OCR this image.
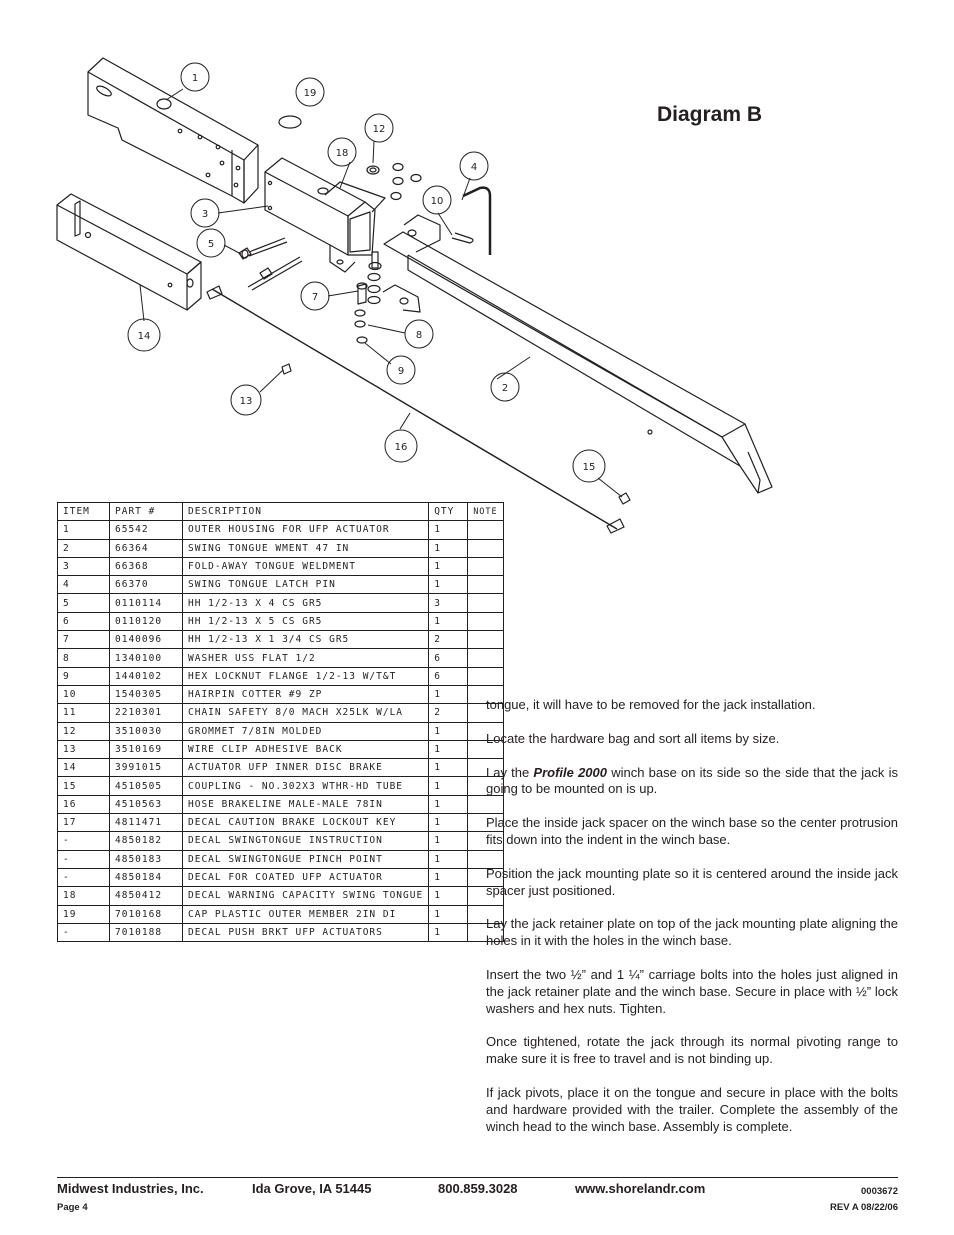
1
19
12
18
4
10
3
5
7
8
9
2
14
13
16
15
Diagram B
ITEM	PART #	DESCRIPTION	QTY	NOTE
1	65542	OUTER HOUSING FOR UFP ACTUATOR	1	
2	66364	SWING TONGUE WMENT 47 IN	1	
3	66368	FOLD-AWAY TONGUE WELDMENT	1	
4	66370	SWING TONGUE LATCH PIN	1	
5	0110114	HH 1/2-13 X 4 CS GR5	3	
6	0110120	HH 1/2-13 X 5 CS GR5	1	
7	0140096	HH 1/2-13 X 1 3/4 CS GR5	2	
8	1340100	WASHER USS FLAT 1/2	6	
9	1440102	HEX LOCKNUT FLANGE 1/2-13 W/T&T	6	
10	1540305	HAIRPIN COTTER #9 ZP	1	
11	2210301	CHAIN SAFETY 8/0 MACH X25LK W/LA	2	
12	3510030	GROMMET 7/8IN MOLDED	1	
13	3510169	WIRE CLIP ADHESIVE BACK	1	
14	3991015	ACTUATOR UFP INNER DISC BRAKE	1	
15	4510505	COUPLING - NO.302X3 WTHR-HD TUBE	1	
16	4510563	HOSE BRAKELINE MALE-MALE 78IN	1	
17	4811471	DECAL CAUTION BRAKE LOCKOUT KEY	1	
-	4850182	DECAL SWINGTONGUE INSTRUCTION	1	
-	4850183	DECAL SWINGTONGUE PINCH POINT	1	
-	4850184	DECAL FOR COATED UFP ACTUATOR	1	
18	4850412	DECAL WARNING CAPACITY SWING TONGUE	1	
19	7010168	CAP PLASTIC OUTER MEMBER 2IN DI	1	
-	7010188	DECAL PUSH BRKT UFP ACTUATORS	1	

tongue, it will have to be removed for the jack installation.

Locate the hardware bag and sort all items by size.

Lay the Profile 2000 winch base on its side so the side that the jack is going to be mounted on is up.

Place the inside jack spacer on the winch base so the center protrusion fits down into the indent in the winch base.

Position the jack mounting plate so it is centered around the inside jack spacer just positioned.

Lay the jack retainer plate on top of the jack mounting plate aligning the holes in it with the holes in the winch base.

Insert the two ½” and 1 ¼” carriage bolts into the holes just aligned in the jack retainer plate and the winch base. Secure in place with ½” lock washers and hex nuts. Tighten.

Once tightened, rotate the jack through its normal pivoting range to make sure it is free to travel and is not binding up.

If jack pivots, place it on the tongue and secure in place with the bolts and hardware provided with the trailer. Complete the assembly of the winch head to the winch base. Assembly is complete.

Midwest Industries, Inc.	Ida Grove, IA 51445	800.859.3028	www.shorelandr.com	0003672
Page 4	REV A 08/22/06
